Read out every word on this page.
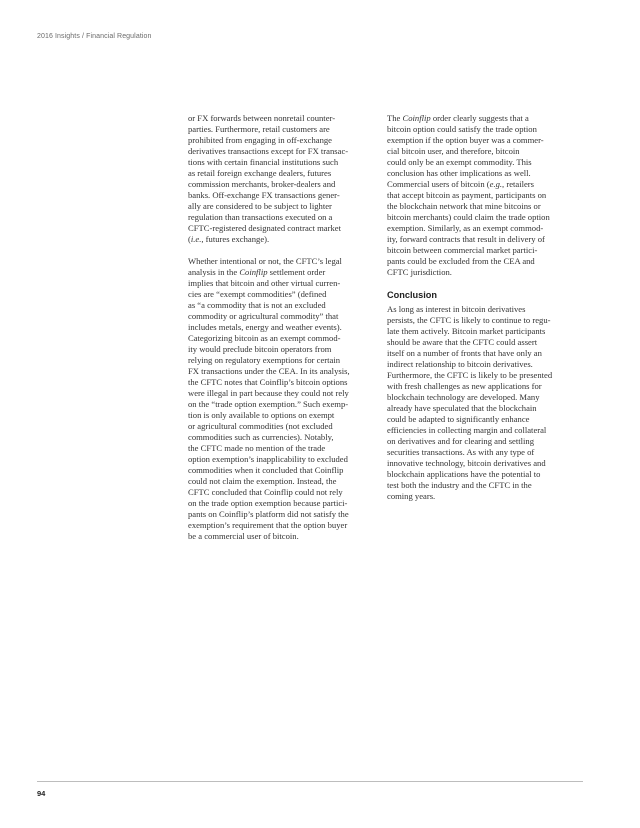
2016 Insights / Financial Regulation

or FX forwards between nonretail counter-
parties. Furthermore, retail customers are
prohibited from engaging in off-exchange
derivatives transactions except for FX transac-
tions with certain financial institutions such
as retail foreign exchange dealers, futures
commission merchants, broker-dealers and
banks. Off-exchange FX transactions gener-
ally are considered to be subject to lighter
regulation than transactions executed on a
CFTC-registered designated contract market
(i.e., futures exchange).

Whether intentional or not, the CFTC’s legal
analysis in the Coinflip settlement order
implies that bitcoin and other virtual curren-
cies are “exempt commodities” (defined
as “a commodity that is not an excluded
commodity or agricultural commodity” that
includes metals, energy and weather events).
Categorizing bitcoin as an exempt commod-
ity would preclude bitcoin operators from
relying on regulatory exemptions for certain
FX transactions under the CEA. In its analysis,
the CFTC notes that Coinflip’s bitcoin options
were illegal in part because they could not rely
on the “trade option exemption.” Such exemp-
tion is only available to options on exempt
or agricultural commodities (not excluded
commodities such as currencies). Notably,
the CFTC made no mention of the trade
option exemption’s inapplicability to excluded
commodities when it concluded that Coinflip
could not claim the exemption. Instead, the
CFTC concluded that Coinflip could not rely
on the trade option exemption because partici-
pants on Coinflip’s platform did not satisfy the
exemption’s requirement that the option buyer
be a commercial user of bitcoin.

The Coinflip order clearly suggests that a
bitcoin option could satisfy the trade option
exemption if the option buyer was a commer-
cial bitcoin user, and therefore, bitcoin
could only be an exempt commodity. This
conclusion has other implications as well.
Commercial users of bitcoin (e.g., retailers
that accept bitcoin as payment, participants on
the blockchain network that mine bitcoins or
bitcoin merchants) could claim the trade option
exemption. Similarly, as an exempt commod-
ity, forward contracts that result in delivery of
bitcoin between commercial market partici-
pants could be excluded from the CEA and
CFTC jurisdiction.

Conclusion

As long as interest in bitcoin derivatives
persists, the CFTC is likely to continue to regu-
late them actively. Bitcoin market participants
should be aware that the CFTC could assert
itself on a number of fronts that have only an
indirect relationship to bitcoin derivatives.
Furthermore, the CFTC is likely to be presented
with fresh challenges as new applications for
blockchain technology are developed. Many
already have speculated that the blockchain
could be adapted to significantly enhance
efficiencies in collecting margin and collateral
on derivatives and for clearing and settling
securities transactions. As with any type of
innovative technology, bitcoin derivatives and
blockchain applications have the potential to
test both the industry and the CFTC in the
coming years.

94
